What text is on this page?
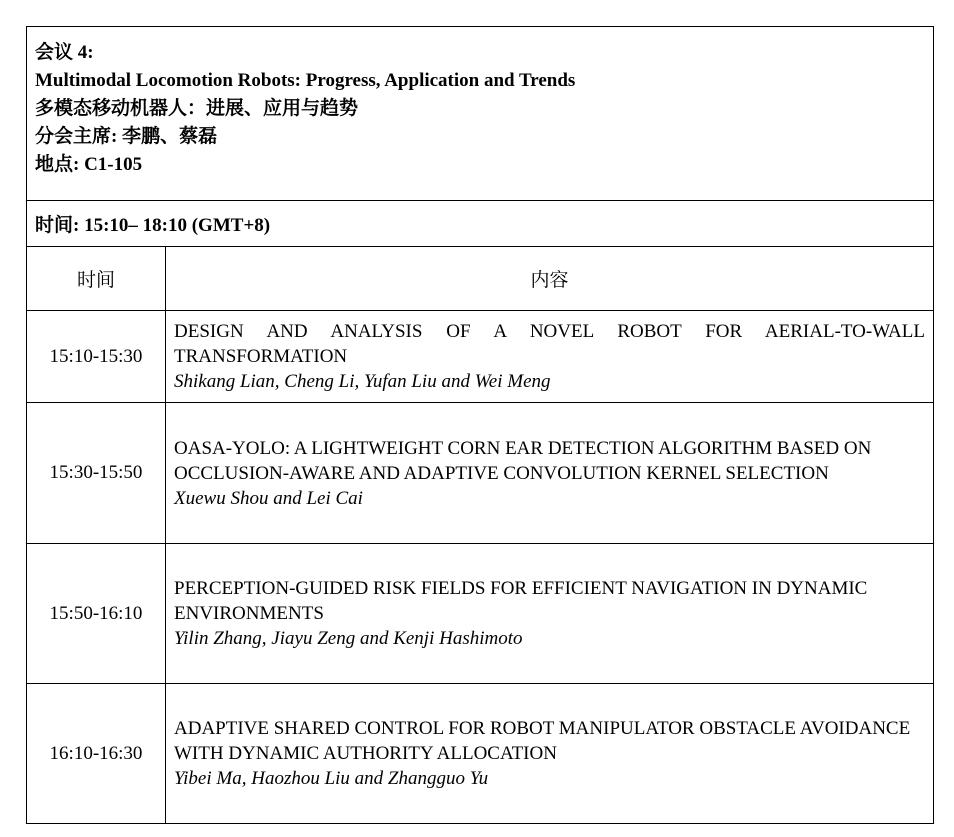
会议 4:
Multimodal Locomotion Robots: Progress, Application and Trends
多模态移动机器人：进展、应用与趋势
分会主席: 李鹏、蔡磊
地点: C1-105	

时间: 15:10– 18:10 (GMT+8)	
时间	内容
15:10-15:30	DESIGN AND ANALYSIS OF A NOVEL ROBOT FOR AERIAL-TO-WALL TRANSFORMATION
Shikang Lian, Cheng Li, Yufan Liu and Wei Meng

15:30-15:50	OASA-YOLO: A LIGHTWEIGHT CORN EAR DETECTION ALGORITHM BASED ON OCCLUSION-AWARE AND ADAPTIVE CONVOLUTION KERNEL SELECTION
Xuewu Shou and Lei Cai

15:50-16:10	PERCEPTION-GUIDED RISK FIELDS FOR EFFICIENT NAVIGATION IN DYNAMIC ENVIRONMENTS
Yilin Zhang, Jiayu Zeng and Kenji Hashimoto

16:10-16:30	ADAPTIVE SHARED CONTROL FOR ROBOT MANIPULATOR OBSTACLE AVOIDANCE WITH DYNAMIC AUTHORITY ALLOCATION
Yibei Ma, Haozhou Liu and Zhangguo Yu
